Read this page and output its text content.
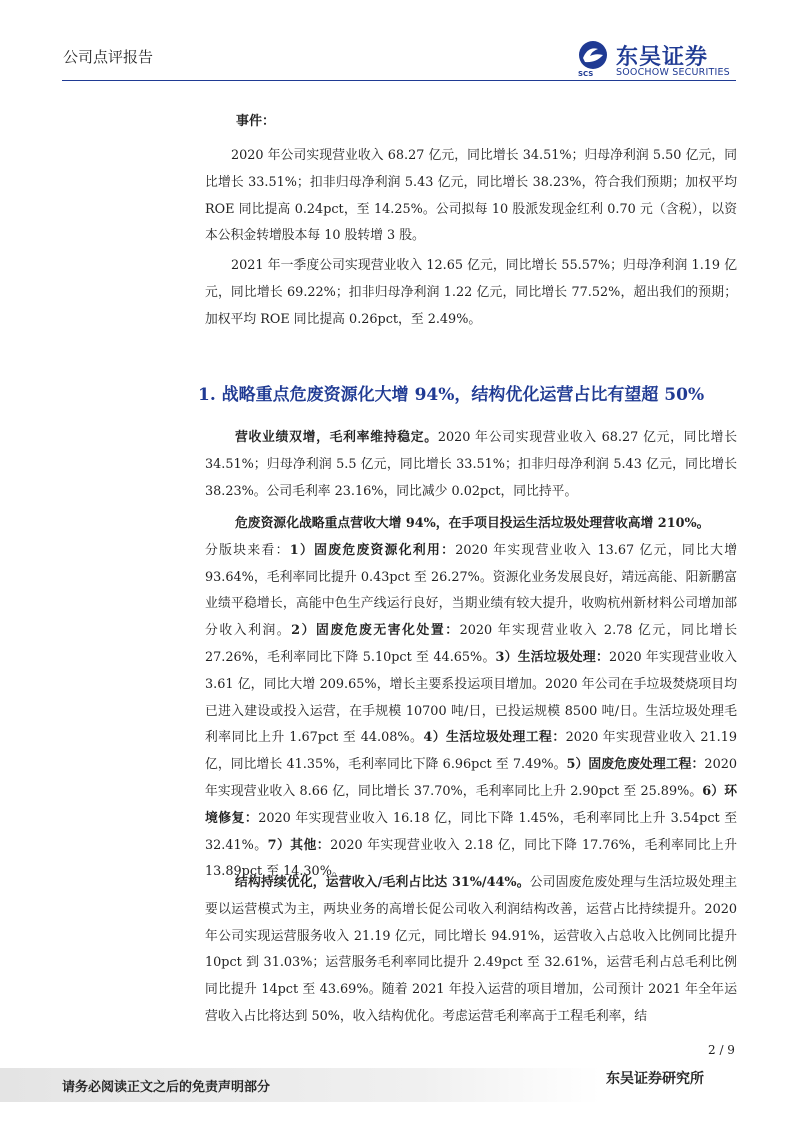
公司点评报告
SCS
东吴证券
SOOCHOW SECURITIES
事件：

2020 年公司实现营业收入 68.27 亿元，同比增长 34.51%；归母净利润 5.50 亿元，同比增长 33.51%；扣非归母净利润 5.43 亿元，同比增长 38.23%，符合我们预期；加权平均 ROE 同比提高 0.24pct，至 14.25%。公司拟每 10 股派发现金红利 0.70 元（含税），以资本公积金转增股本每 10 股转增 3 股。

2021 年一季度公司实现营业收入 12.65 亿元，同比增长 55.57%；归母净利润 1.19 亿元，同比增长 69.22%；扣非归母净利润 1.22 亿元，同比增长 77.52%，超出我们的预期；加权平均 ROE 同比提高 0.26pct，至 2.49%。

1. 战略重点危废资源化大增 94%，结构优化运营占比有望超 50%

营收业绩双增，毛利率维持稳定。2020 年公司实现营业收入 68.27 亿元，同比增长 34.51%；归母净利润 5.5 亿元，同比增长 33.51%；扣非归母净利润 5.43 亿元，同比增长 38.23%。公司毛利率 23.16%，同比减少 0.02pct，同比持平。

危废资源化战略重点营收大增 94%，在手项目投运生活垃圾处理营收高增 210%。
分版块来看：1）固废危废资源化利用：2020 年实现营业收入 13.67 亿元，同比大增 93.64%，毛利率同比提升 0.43pct 至 26.27%。资源化业务发展良好，靖远高能、阳新鹏富业绩平稳增长，高能中色生产线运行良好，当期业绩有较大提升，收购杭州新材料公司增加部分收入利润。2）固废危废无害化处置：2020 年实现营业收入 2.78 亿元，同比增长 27.26%，毛利率同比下降 5.10pct 至 44.65%。3）生活垃圾处理：2020 年实现营业收入 3.61 亿，同比大增 209.65%，增长主要系投运项目增加。2020 年公司在手垃圾焚烧项目均已进入建设或投入运营，在手规模 10700 吨/日，已投运规模 8500 吨/日。生活垃圾处理毛利率同比上升 1.67pct 至 44.08%。4）生活垃圾处理工程：2020 年实现营业收入 21.19 亿，同比增长 41.35%，毛利率同比下降 6.96pct 至 7.49%。5）固废危废处理工程：2020 年实现营业收入 8.66 亿，同比增长 37.70%，毛利率同比上升 2.90pct 至 25.89%。6）环境修复：2020 年实现营业收入 16.18 亿，同比下降 1.45%，毛利率同比上升 3.54pct 至 32.41%。7）其他：2020 年实现营业收入 2.18 亿，同比下降 17.76%，毛利率同比上升 13.89pct 至 14.30%。

结构持续优化，运营收入/毛利占比达 31%/44%。公司固废危废处理与生活垃圾处理主要以运营模式为主，两块业务的高增长促公司收入利润结构改善，运营占比持续提升。2020 年公司实现运营服务收入 21.19 亿元，同比增长 94.91%，运营收入占总收入比例同比提升 10pct 到 31.03%；运营服务毛利率同比提升 2.49pct 至 32.61%，运营毛利占总毛利比例同比提升 14pct 至 43.69%。随着 2021 年投入运营的项目增加，公司预计 2021 年全年运营收入占比将达到 50%，收入结构优化。考虑运营毛利率高于工程毛利率，结

2 / 9
请务必阅读正文之后的免责声明部分
东吴证券研究所
